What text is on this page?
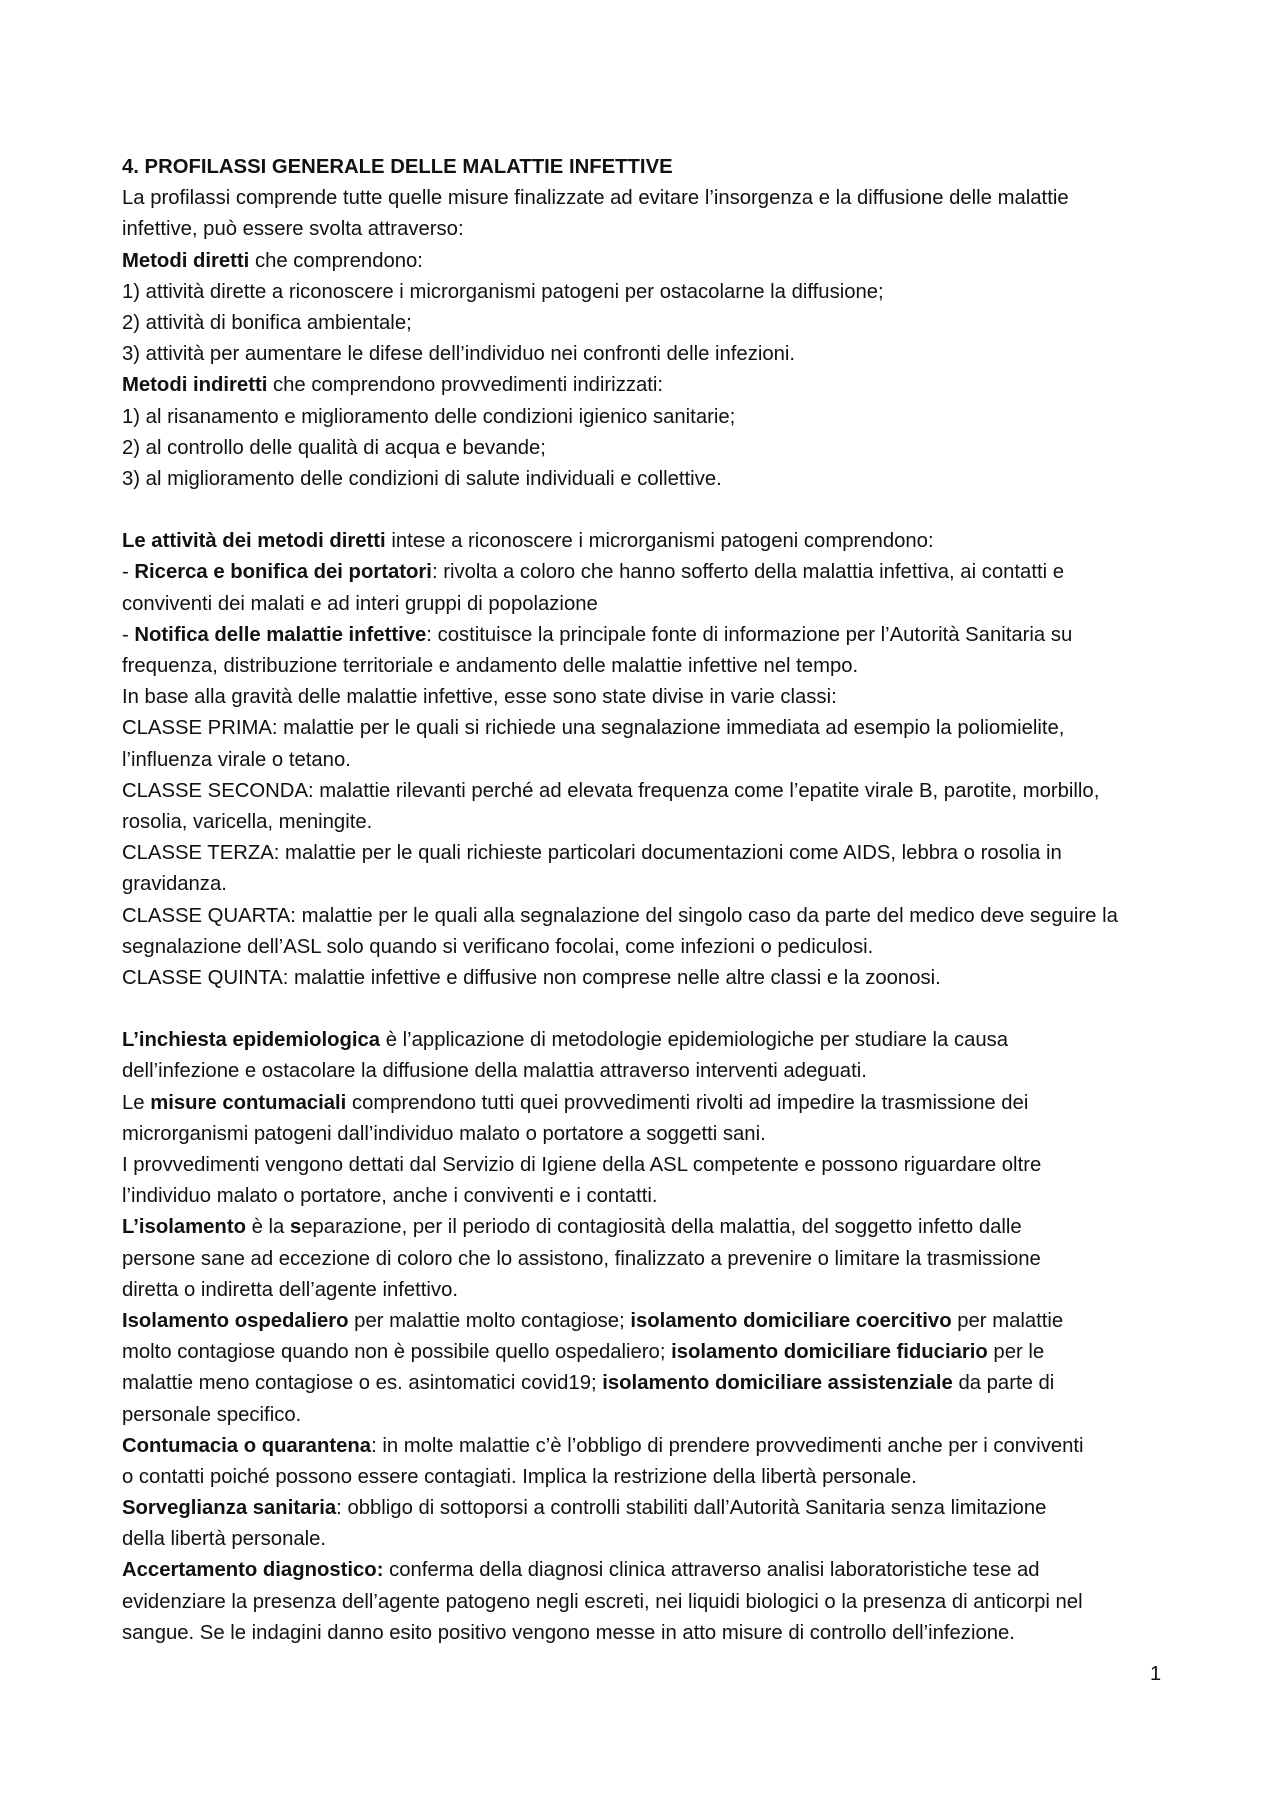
4. PROFILASSI GENERALE DELLE MALATTIE INFETTIVE
La profilassi comprende tutte quelle misure finalizzate ad evitare l’insorgenza e la diffusione delle malattie
infettive, può essere svolta attraverso:
Metodi diretti che comprendono:
1) attività dirette a riconoscere i microrganismi patogeni per ostacolarne la diffusione;
2) attività di bonifica ambientale;
3) attività per aumentare le difese dell’individuo nei confronti delle infezioni.
Metodi indiretti che comprendono provvedimenti indirizzati:
1) al risanamento e miglioramento delle condizioni igienico sanitarie;
2) al controllo delle qualità di acqua e bevande;
3) al miglioramento delle condizioni di salute individuali e collettive.
Le attività dei metodi diretti intese a riconoscere i microrganismi patogeni comprendono:
- Ricerca e bonifica dei portatori: rivolta a coloro che hanno sofferto della malattia infettiva, ai contatti e
conviventi dei malati e ad interi gruppi di popolazione
- Notifica delle malattie infettive: costituisce la principale fonte di informazione per l’Autorità Sanitaria su
frequenza, distribuzione territoriale e andamento delle malattie infettive nel tempo.
In base alla gravità delle malattie infettive, esse sono state divise in varie classi:
CLASSE PRIMA: malattie per le quali si richiede una segnalazione immediata ad esempio la poliomielite,
l’influenza virale o tetano.
CLASSE SECONDA: malattie rilevanti perché ad elevata frequenza come l’epatite virale B, parotite, morbillo,
rosolia, varicella, meningite.
CLASSE TERZA: malattie per le quali richieste particolari documentazioni come AIDS, lebbra o rosolia in
gravidanza.
CLASSE QUARTA: malattie per le quali alla segnalazione del singolo caso da parte del medico deve seguire la
segnalazione dell’ASL solo quando si verificano focolai, come infezioni o pediculosi.
CLASSE QUINTA: malattie infettive e diffusive non comprese nelle altre classi e la zoonosi.
L’inchiesta epidemiologica è l’applicazione di metodologie epidemiologiche per studiare la causa
dell’infezione e ostacolare la diffusione della malattia attraverso interventi adeguati.
Le misure contumaciali comprendono tutti quei provvedimenti rivolti ad impedire la trasmissione dei
microrganismi patogeni dall’individuo malato o portatore a soggetti sani.
I provvedimenti vengono dettati dal Servizio di Igiene della ASL competente e possono riguardare oltre
l’individuo malato o portatore, anche i conviventi e i contatti.
L’isolamento è la separazione, per il periodo di contagiosità della malattia, del soggetto infetto dalle
persone sane ad eccezione di coloro che lo assistono, finalizzato a prevenire o limitare la trasmissione
diretta o indiretta dell’agente infettivo.
Isolamento ospedaliero per malattie molto contagiose; isolamento domiciliare coercitivo per malattie
molto contagiose quando non è possibile quello ospedaliero; isolamento domiciliare fiduciario per le
malattie meno contagiose o es. asintomatici covid19; isolamento domiciliare assistenziale da parte di
personale specifico.
Contumacia o quarantena: in molte malattie c’è l’obbligo di prendere provvedimenti anche per i conviventi
o contatti poiché possono essere contagiati. Implica la restrizione della libertà personale.
Sorveglianza sanitaria: obbligo di sottoporsi a controlli stabiliti dall’Autorità Sanitaria senza limitazione
della libertà personale.
Accertamento diagnostico: conferma della diagnosi clinica attraverso analisi laboratoristiche tese ad
evidenziare la presenza dell’agente patogeno negli escreti, nei liquidi biologici o la presenza di anticorpi nel
sangue. Se le indagini danno esito positivo vengono messe in atto misure di controllo dell’infezione.
1
